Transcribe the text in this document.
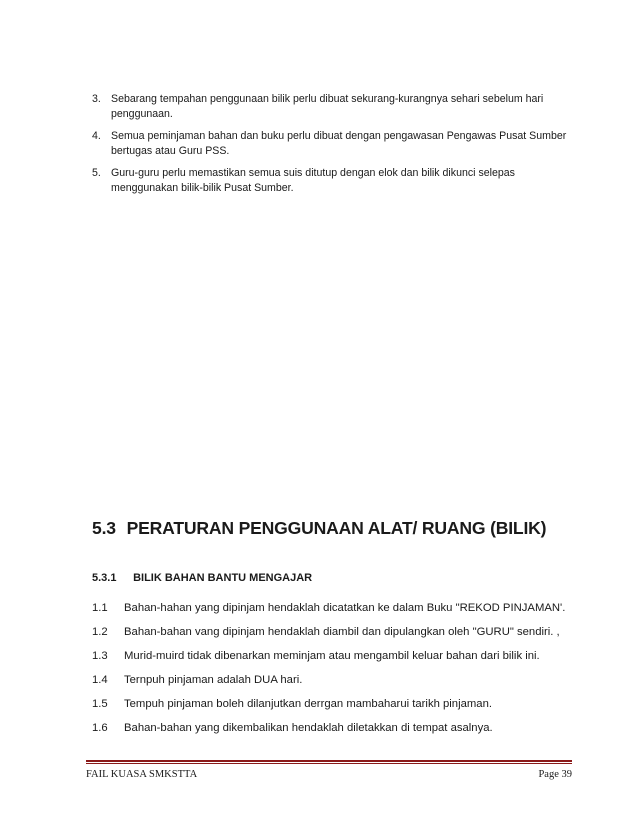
3. Sebarang tempahan penggunaan bilik perlu dibuat sekurang-kurangnya sehari sebelum hari penggunaan.
4. Semua peminjaman bahan dan buku perlu dibuat dengan pengawasan Pengawas Pusat Sumber bertugas atau Guru PSS.
5. Guru-guru perlu memastikan semua suis ditutup dengan elok dan bilik dikunci selepas menggunakan bilik-bilik Pusat Sumber.
5.3 PERATURAN PENGGUNAAN ALAT/ RUANG (BILIK)
5.3.1 BILIK BAHAN BANTU MENGAJAR
1.1	Bahan-hahan yang dipinjam hendaklah dicatatkan ke dalam Buku "REKOD PINJAMAN'.
1.2	Bahan-bahan vang dipinjam hendaklah diambil dan dipulangkan oleh "GURU" sendiri. ,
1.3	Murid-muird tidak dibenarkan meminjam atau mengambil keluar bahan dari bilik ini.
1.4	Ternpuh pinjaman adalah DUA hari.
1.5	Tempuh pinjaman boleh dilanjutkan derrgan mambaharui tarikh pinjaman.
1.6	Bahan-bahan yang dikembalikan hendaklah diletakkan di tempat asalnya.
FAIL KUASA SMKSTTA	Page 39
